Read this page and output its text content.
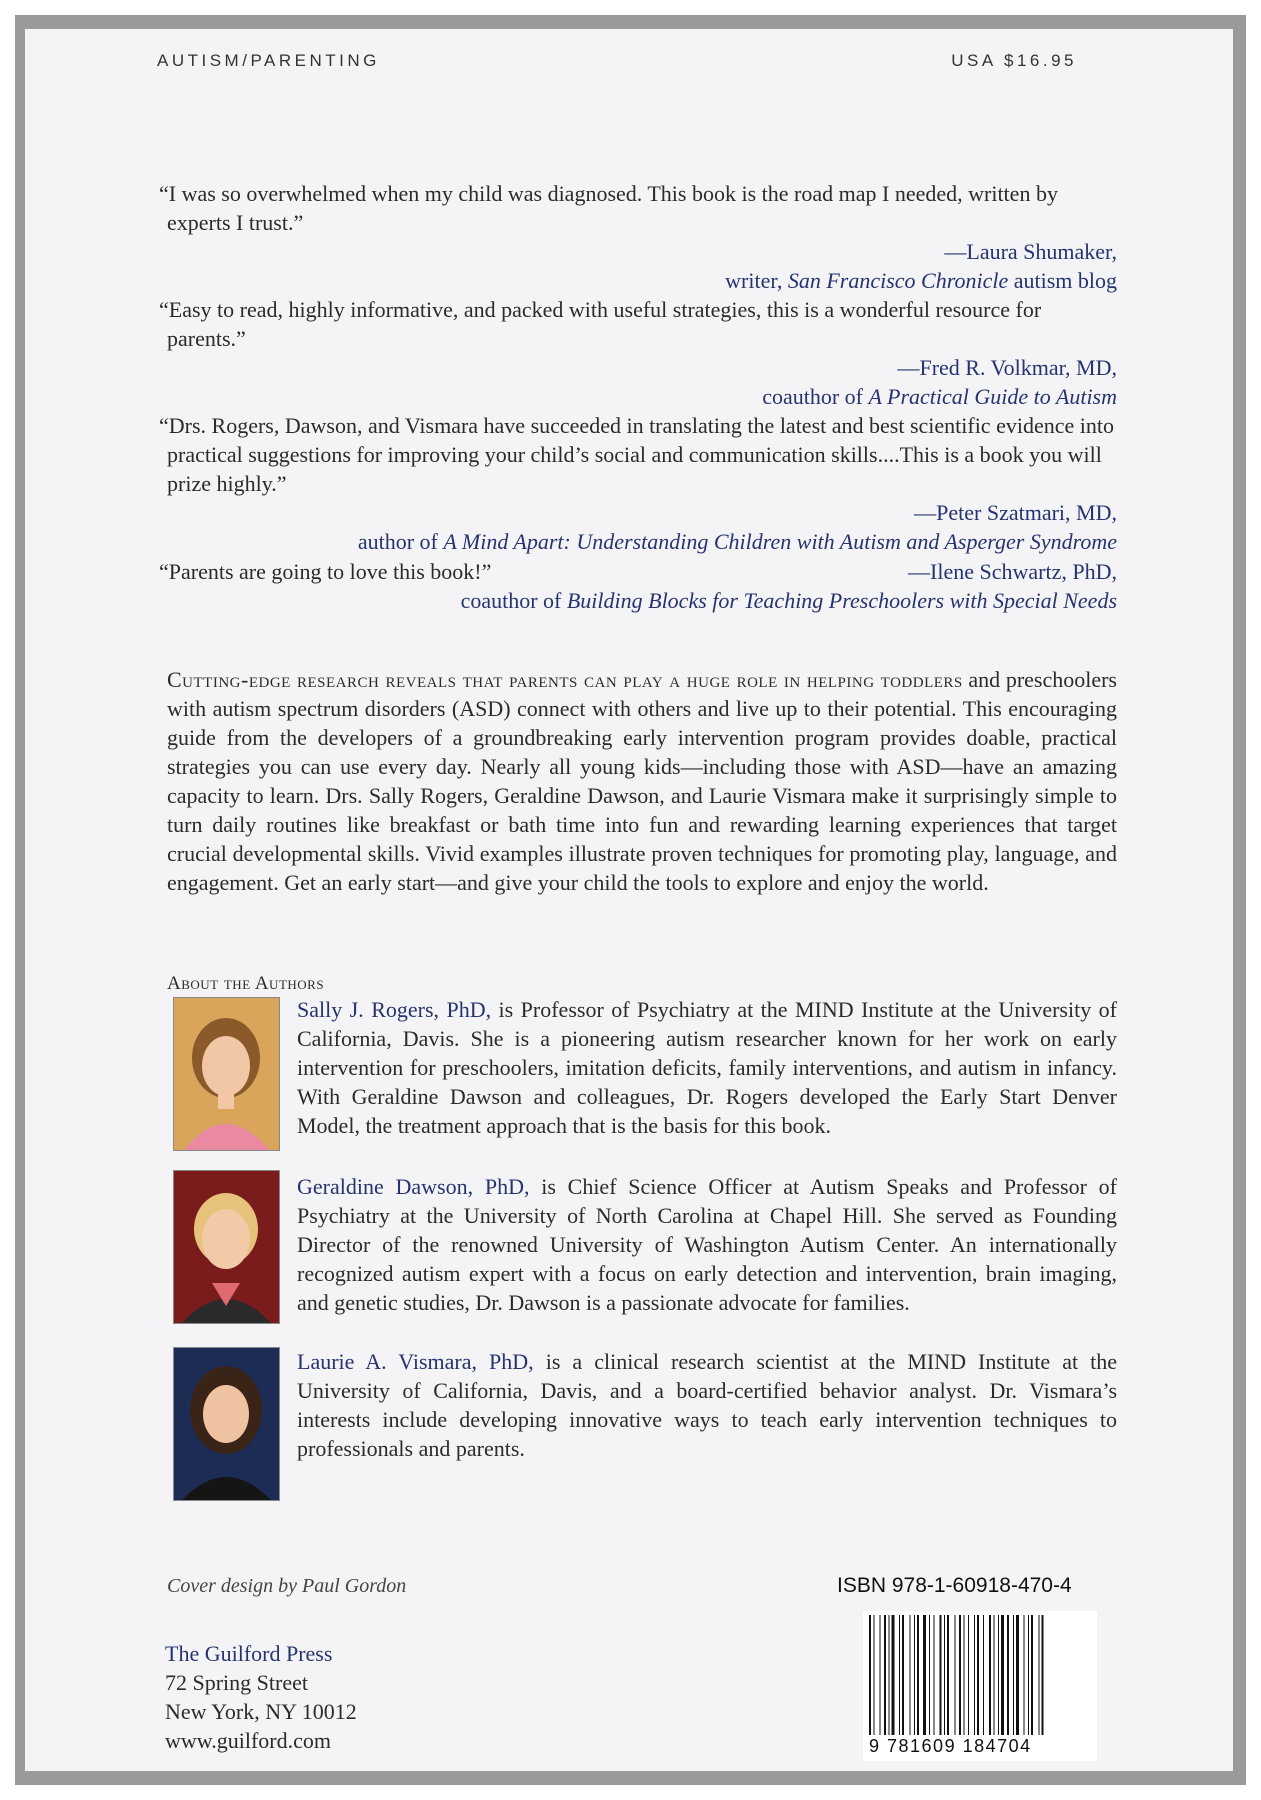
AUTISM/PARENTING	USA $16.95
“I was so overwhelmed when my child was diagnosed. This book is the road map I needed, written by experts I trust.”
—Laura Shumaker,
writer, San Francisco Chronicle autism blog
“Easy to read, highly informative, and packed with useful strategies, this is a wonderful resource for parents.”
—Fred R. Volkmar, MD,
coauthor of A Practical Guide to Autism
“Drs. Rogers, Dawson, and Vismara have succeeded in translating the latest and best scientific evidence into practical suggestions for improving your child’s social and communication skills....This is a book you will prize highly.”
—Peter Szatmari, MD,
author of A Mind Apart: Understanding Children with Autism and Asperger Syndrome
“Parents are going to love this book!”	—Ilene Schwartz, PhD,
coauthor of Building Blocks for Teaching Preschoolers with Special Needs
Cutting-edge research reveals that parents can play a huge role in helping toddlers and preschoolers with autism spectrum disorders (ASD) connect with others and live up to their potential. This encouraging guide from the developers of a groundbreaking early intervention program provides doable, practical strategies you can use every day. Nearly all young kids—including those with ASD—have an amazing capacity to learn. Drs. Sally Rogers, Geraldine Dawson, and Laurie Vismara make it surprisingly simple to turn daily routines like breakfast or bath time into fun and rewarding learning experiences that target crucial developmental skills. Vivid examples illustrate proven techniques for promoting play, language, and engagement. Get an early start—and give your child the tools to explore and enjoy the world.
About the Authors
Sally J. Rogers, PhD, is Professor of Psychiatry at the MIND Institute at the University of California, Davis. She is a pioneering autism researcher known for her work on early intervention for preschoolers, imitation deficits, family interventions, and autism in infancy. With Geraldine Dawson and colleagues, Dr. Rogers developed the Early Start Denver Model, the treatment approach that is the basis for this book.
Geraldine Dawson, PhD, is Chief Science Officer at Autism Speaks and Professor of Psychiatry at the University of North Carolina at Chapel Hill. She served as Founding Director of the renowned University of Washington Autism Center. An internationally recognized autism expert with a focus on early detection and intervention, brain imaging, and genetic studies, Dr. Dawson is a passionate advocate for families.
Laurie A. Vismara, PhD, is a clinical research scientist at the MIND Institute at the University of California, Davis, and a board-certified behavior analyst. Dr. Vismara’s interests include developing innovative ways to teach early intervention techniques to professionals and parents.
Cover design by Paul Gordon
The Guilford Press
72 Spring Street
New York, NY 10012
www.guilford.com
ISBN 978-1-60918-470-4
9 781609 184704
